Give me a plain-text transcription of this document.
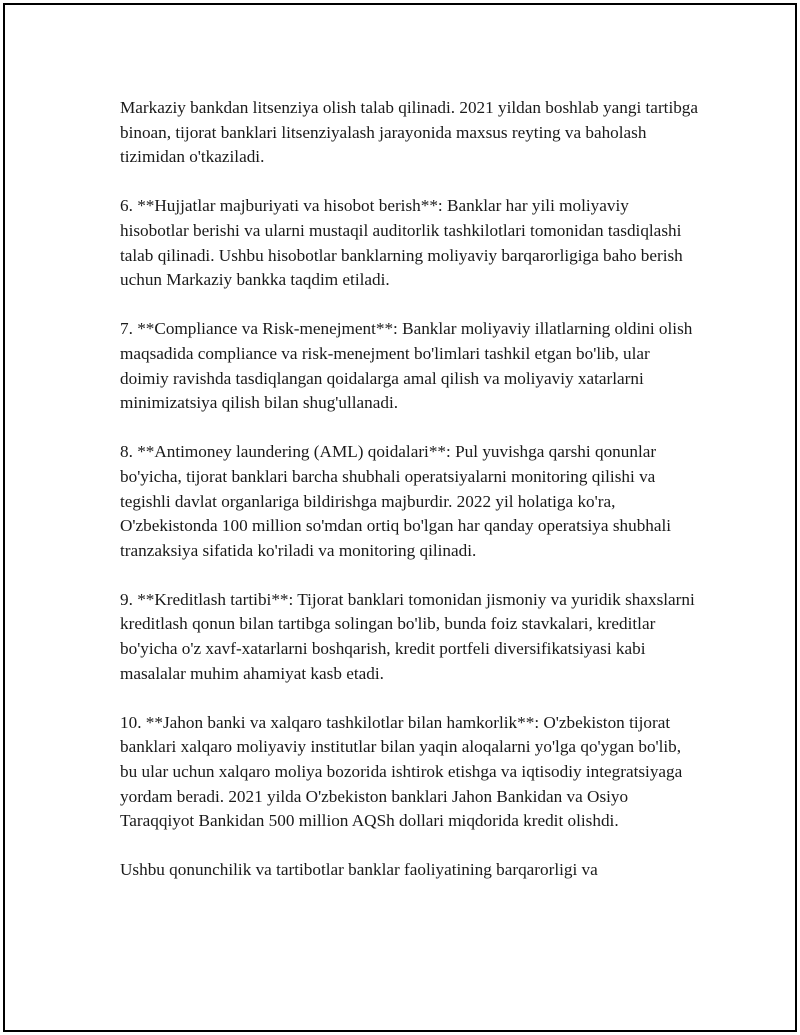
Markaziy bankdan litsenziya olish talab qilinadi. 2021 yildan boshlab yangi tartibga binoan, tijorat banklari litsenziyalash jarayonida maxsus reyting va baholash tizimidan o'tkaziladi.

6. **Hujjatlar majburiyati va hisobot berish**: Banklar har yili moliyaviy hisobotlar berishi va ularni mustaqil auditorlik tashkilotlari tomonidan tasdiqlashi talab qilinadi. Ushbu hisobotlar banklarning moliyaviy barqarorligiga baho berish uchun Markaziy bankka taqdim etiladi.

7. **Compliance va Risk-menejment**: Banklar moliyaviy illatlarning oldini olish maqsadida compliance va risk-menejment bo'limlari tashkil etgan bo'lib, ular doimiy ravishda tasdiqlangan qoidalarga amal qilish va moliyaviy xatarlarni minimizatsiya qilish bilan shug'ullanadi.

8. **Antimoney laundering (AML) qoidalari**: Pul yuvishga qarshi qonunlar bo'yicha, tijorat banklari barcha shubhali operatsiyalarni monitoring qilishi va tegishli davlat organlariga bildirishga majburdir. 2022 yil holatiga ko'ra, O'zbekistonda 100 million so'mdan ortiq bo'lgan har qanday operatsiya shubhali tranzaksiya sifatida ko'riladi va monitoring qilinadi.

9. **Kreditlash tartibi**: Tijorat banklari tomonidan jismoniy va yuridik shaxslarni kreditlash qonun bilan tartibga solingan bo'lib, bunda foiz stavkalari, kreditlar bo'yicha o'z xavf-xatarlarni boshqarish, kredit portfeli diversifikatsiyasi kabi masalalar muhim ahamiyat kasb etadi.

10. **Jahon banki va xalqaro tashkilotlar bilan hamkorlik**: O'zbekiston tijorat banklari xalqaro moliyaviy institutlar bilan yaqin aloqalarni yo'lga qo'ygan bo'lib, bu ular uchun xalqaro moliya bozorida ishtirok etishga va iqtisodiy integratsiyaga yordam beradi. 2021 yilda O'zbekiston banklari Jahon Bankidan va Osiyo Taraqqiyot Bankidan 500 million AQSh dollari miqdorida kredit olishdi.

Ushbu qonunchilik va tartibotlar banklar faoliyatining barqarorligi va
